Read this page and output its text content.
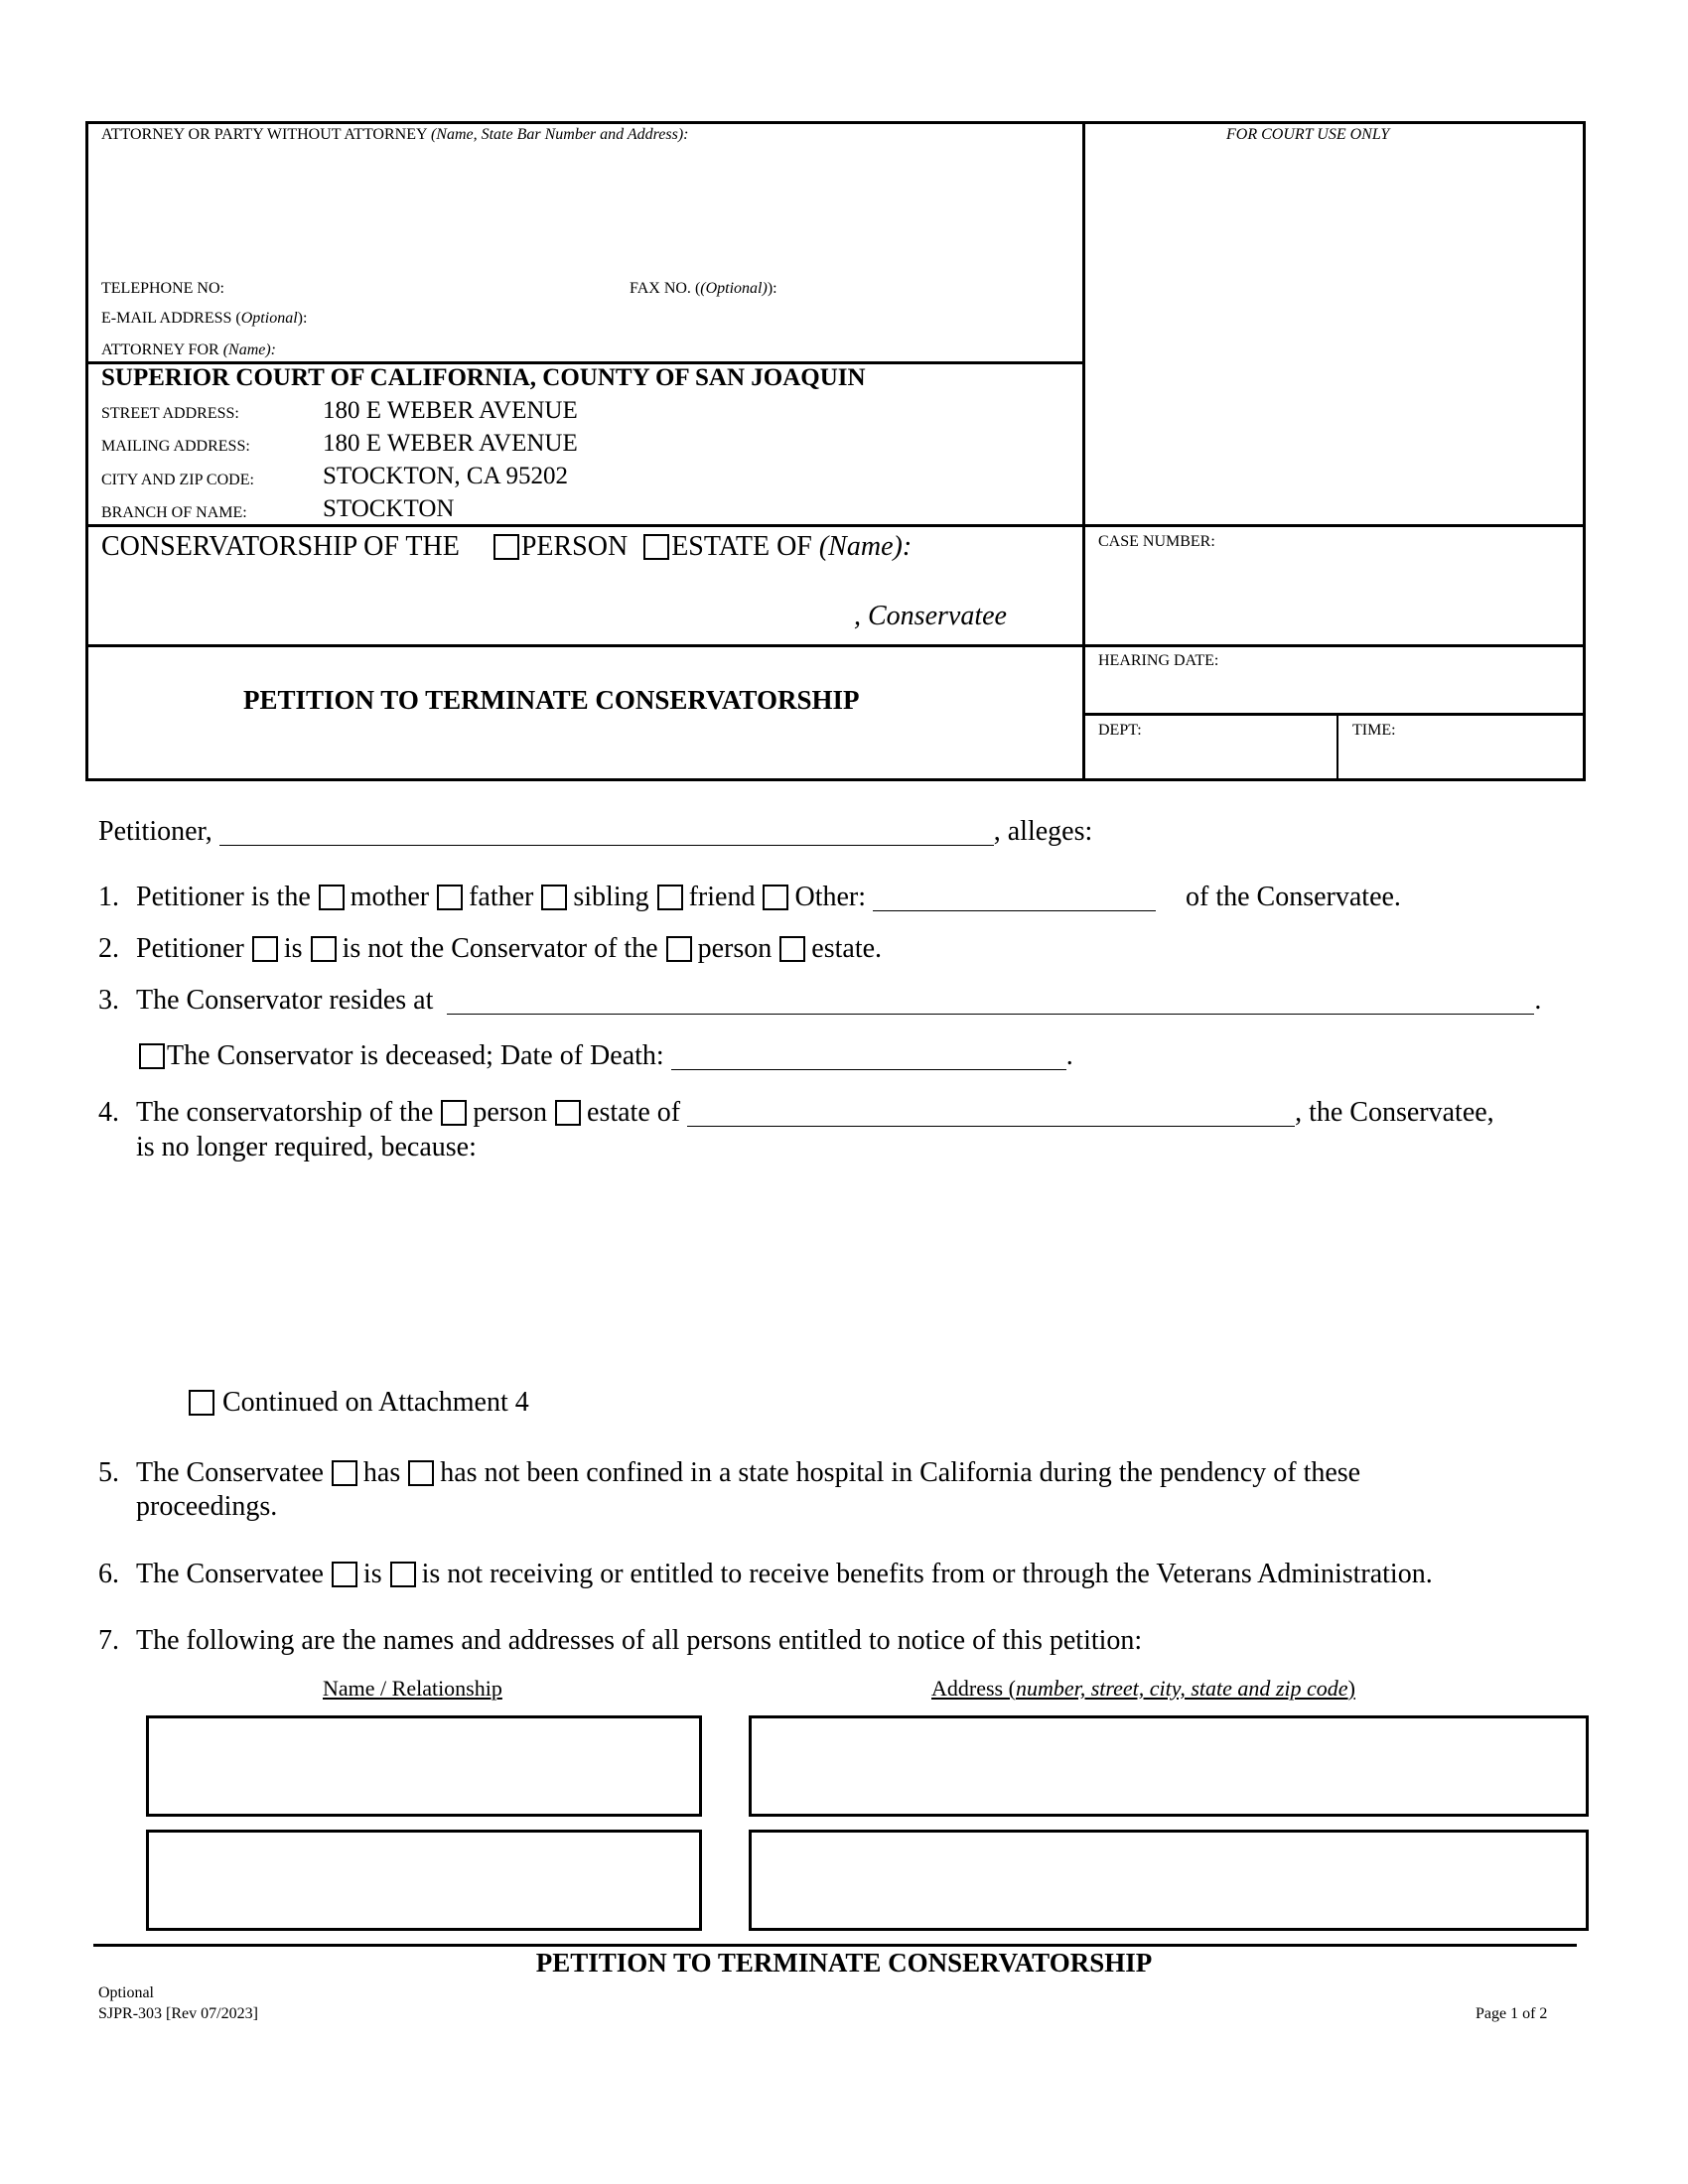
ATTORNEY OR PARTY WITHOUT ATTORNEY (Name, State Bar Number and Address):	FOR COURT USE ONLY
TELEPHONE NO:	FAX NO. ((Optional)):
E-MAIL ADDRESS (Optional):
ATTORNEY FOR (Name):
SUPERIOR COURT OF CALIFORNIA, COUNTY OF SAN JOAQUIN
STREET ADDRESS:	180 E WEBER AVENUE
MAILING ADDRESS:	180 E WEBER AVENUE
CITY AND ZIP CODE:	STOCKTON, CA 95202
BRANCH OF NAME:	STOCKTON
CONSERVATORSHIP OF THE PERSON ESTATE OF
(Name):
, Conservatee
CASE NUMBER:
HEARING DATE:
DEPT:	TIME:
PETITION TO TERMINATE CONSERVATORSHIP
Petitioner,
	, alleges:
1. Petitioner is the mother father sibling friend Other:
	of the Conservatee.
2. Petitioner is is not the Conservator of the person estate.
3. The Conservator resides at
	.
The Conservator is deceased; Date of Death:
	.
4. The conservatorship of the person estate of
	, the Conservatee,
is no longer required, because:
Continued on Attachment 4
5. The Conservatee has has not been confined in a state hospital in California during the pendency of these
proceedings.
6. The Conservatee is is not receiving or entitled to receive benefits from or through the Veterans Administration.
7. The following are the names and addresses of all persons entitled to notice of this petition:
Name / Relationship	Address (number, street, city, state and zip code)
PETITION TO TERMINATE CONSERVATORSHIP
Optional
SJPR-303 [Rev 07/2023]	Page 1 of 2
